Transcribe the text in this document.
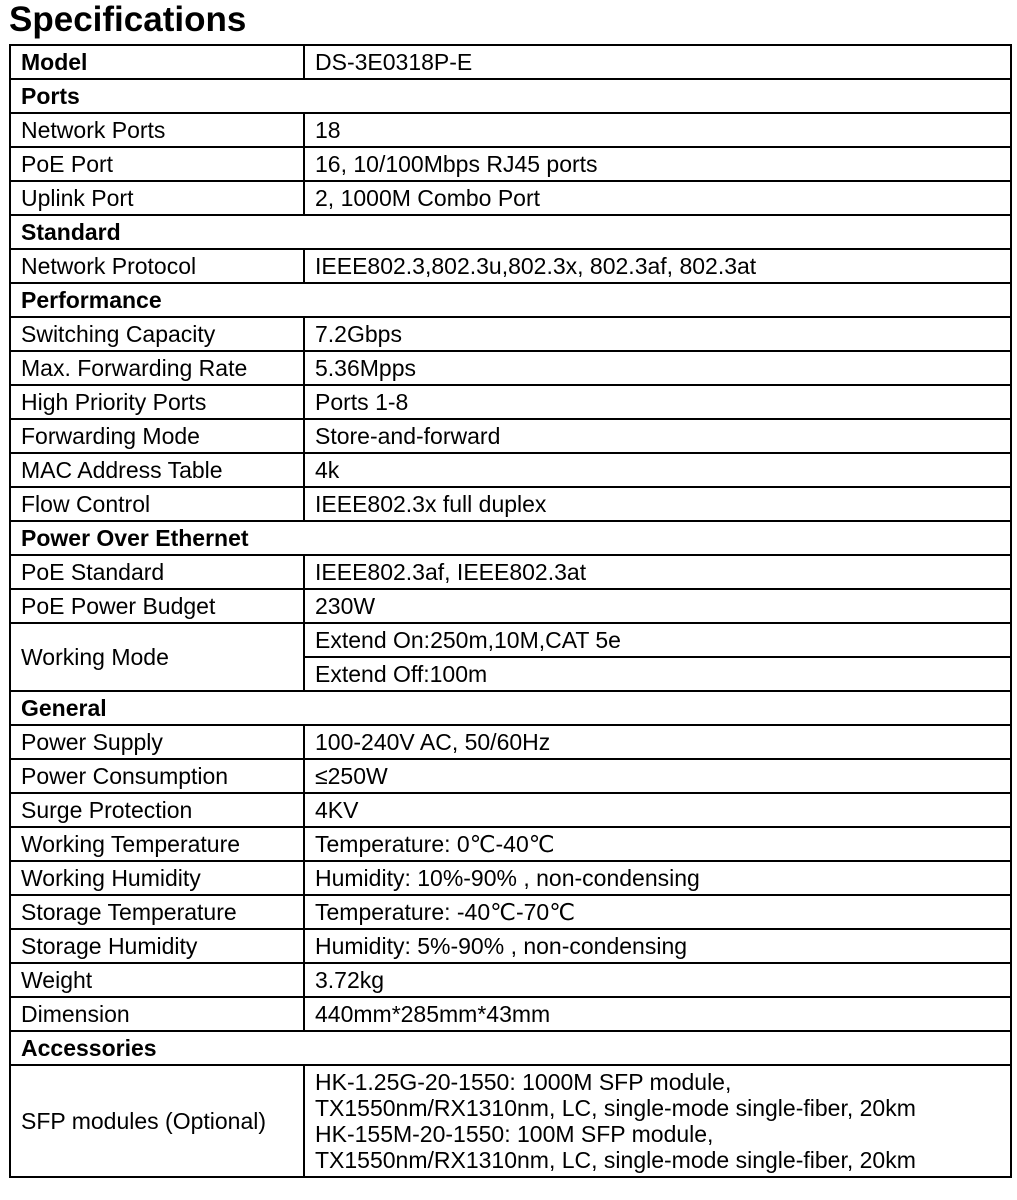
Specifications
Model	DS-3E0318P-E
Ports	
Network Ports	18
PoE Port	16, 10/100Mbps RJ45 ports
Uplink Port	2, 1000M Combo Port
Standard	
Network Protocol	IEEE802.3,802.3u,802.3x, 802.3af, 802.3at
Performance	
Switching Capacity	7.2Gbps
Max. Forwarding Rate	5.36Mpps
High Priority Ports	Ports 1-8
Forwarding Mode	Store-and-forward
MAC Address Table	4k
Flow Control	IEEE802.3x full duplex
Power Over Ethernet	
PoE Standard	IEEE802.3af, IEEE802.3at
PoE Power Budget	230W
Working Mode	Extend On:250m,10M,CAT 5e
	Extend Off:100m
General	
Power Supply	100-240V AC, 50/60Hz
Power Consumption	≤250W
Surge Protection	4KV
Working Temperature	Temperature: 0℃-40℃
Working Humidity	Humidity: 10%-90% , non-condensing
Storage Temperature	Temperature: -40℃-70℃
Storage Humidity	Humidity: 5%-90% , non-condensing
Weight	3.72kg
Dimension	440mm*285mm*43mm
Accessories	
SFP modules (Optional)	HK-1.25G-20-1550: 1000M SFP module,
TX1550nm/RX1310nm, LC, single-mode single-fiber, 20km
HK-155M-20-1550: 100M SFP module,
TX1550nm/RX1310nm, LC, single-mode single-fiber, 20km
